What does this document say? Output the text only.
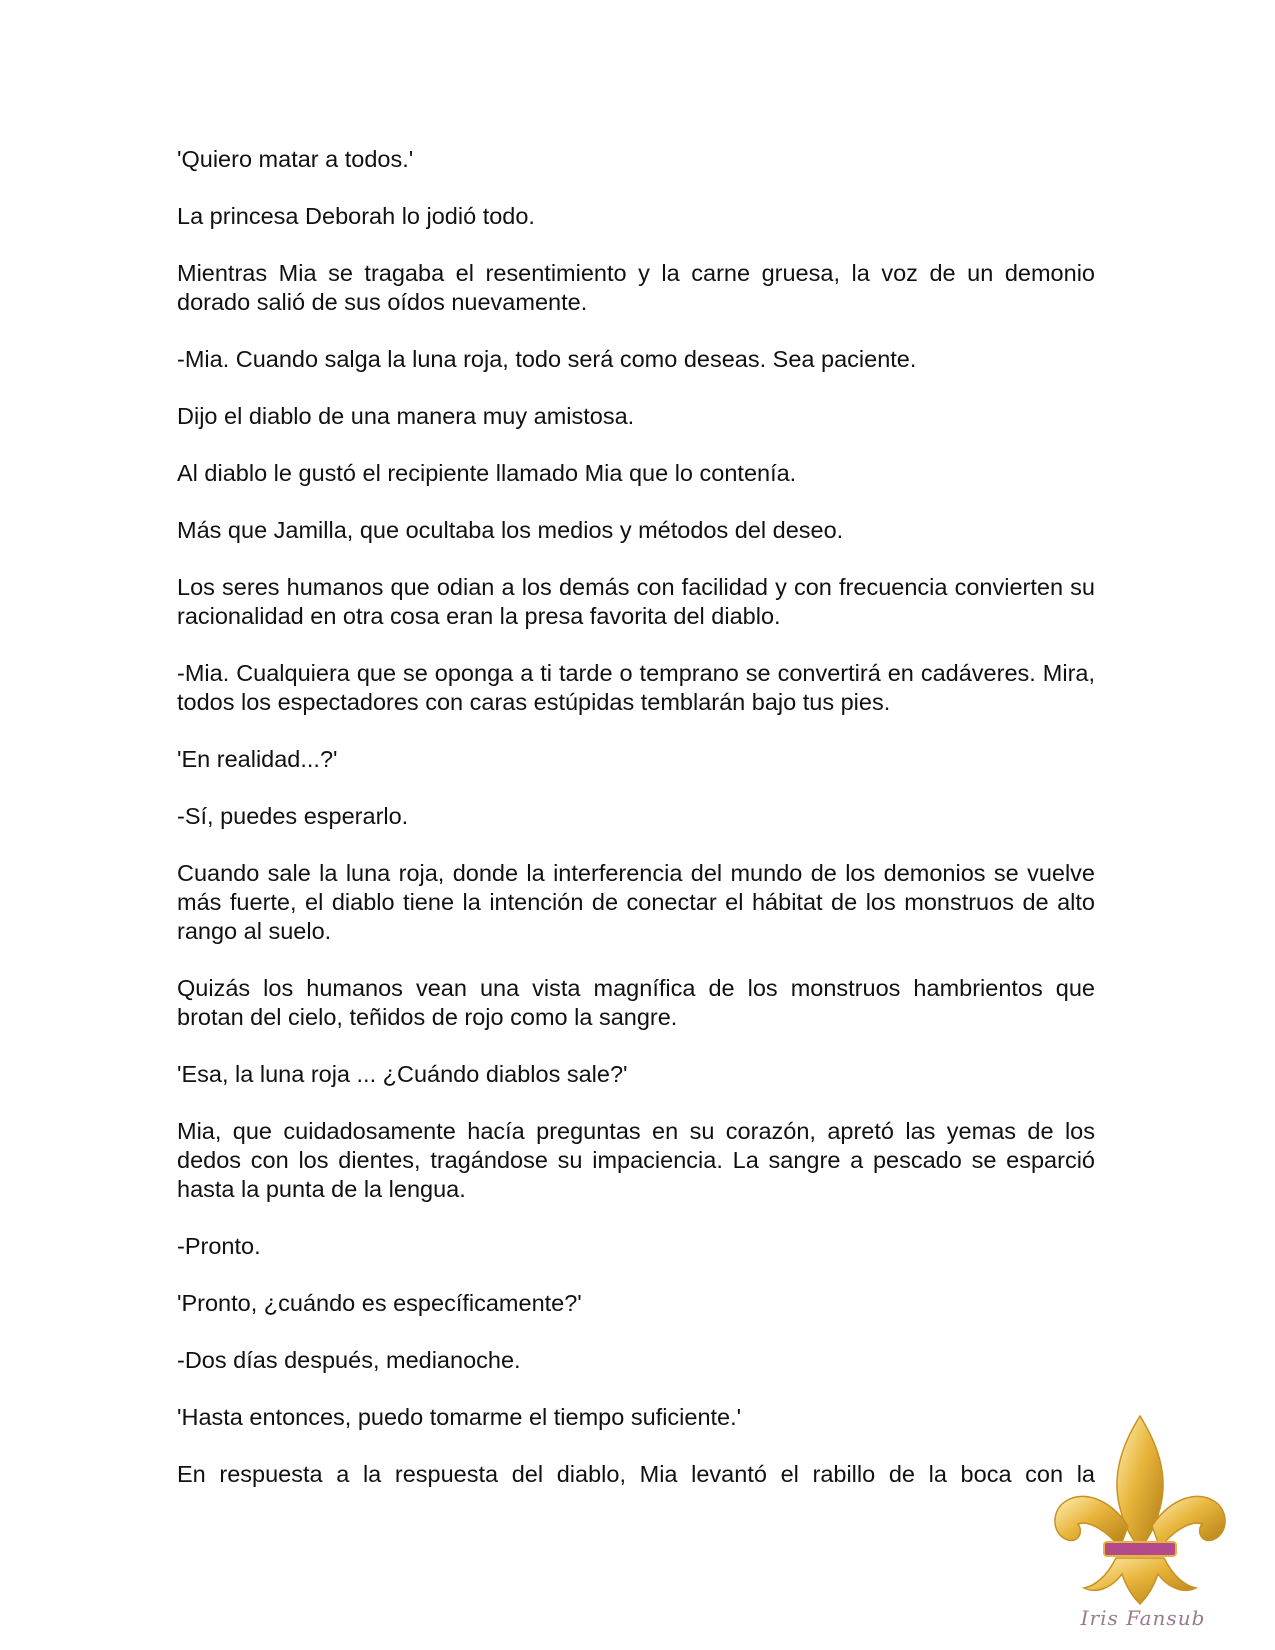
'Quiero matar a todos.'

La princesa Deborah lo jodió todo.

Mientras Mia se tragaba el resentimiento y la carne gruesa, la voz de un demonio dorado salió de sus oídos nuevamente.

-Mia. Cuando salga la luna roja, todo será como deseas. Sea paciente.

Dijo el diablo de una manera muy amistosa.

Al diablo le gustó el recipiente llamado Mia que lo contenía.

Más que Jamilla, que ocultaba los medios y métodos del deseo.

Los seres humanos que odian a los demás con facilidad y con frecuencia convierten su racionalidad en otra cosa eran la presa favorita del diablo.

-Mia. Cualquiera que se oponga a ti tarde o temprano se convertirá en cadáveres. Mira, todos los espectadores con caras estúpidas temblarán bajo tus pies.

'En realidad...?'

-Sí, puedes esperarlo.

Cuando sale la luna roja, donde la interferencia del mundo de los demonios se vuelve más fuerte, el diablo tiene la intención de conectar el hábitat de los monstruos de alto rango al suelo.

Quizás los humanos vean una vista magnífica de los monstruos hambrientos que brotan del cielo, teñidos de rojo como la sangre.

'Esa, la luna roja ... ¿Cuándo diablos sale?'

Mia, que cuidadosamente hacía preguntas en su corazón, apretó las yemas de los dedos con los dientes, tragándose su impaciencia. La sangre a pescado se esparció hasta la punta de la lengua.

-Pronto.

'Pronto, ¿cuándo es específicamente?'

-Dos días después, medianoche.

'Hasta entonces, puedo tomarme el tiempo suficiente.'

En respuesta a la respuesta del diablo, Mia levantó el rabillo de la boca con la

Iris Fansub
